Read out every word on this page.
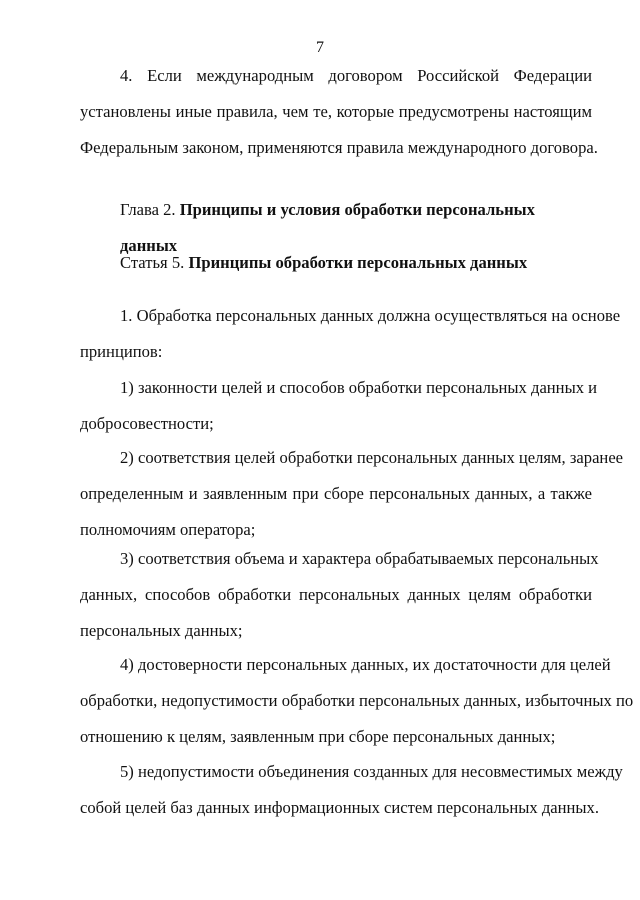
7
4. Если международным договором Российской Федерации
установлены иные правила, чем те, которые предусмотрены настоящим
Федеральным законом, применяются правила международного договора.
Глава 2. Принципы и условия обработки персональных данных
Статья 5. Принципы обработки персональных данных
1. Обработка персональных данных должна осуществляться на основе
принципов:
1) законности целей и способов обработки персональных данных и
добросовестности;
2) соответствия целей обработки персональных данных целям, заранее
определенным и заявленным при сборе персональных данных, а также
полномочиям оператора;
3) соответствия объема и характера обрабатываемых персональных
данных, способов обработки персональных данных целям обработки
персональных данных;
4) достоверности персональных данных, их достаточности для целей
обработки, недопустимости обработки персональных данных, избыточных по
отношению к целям, заявленным при сборе персональных данных;
5) недопустимости объединения созданных для несовместимых между
собой целей баз данных информационных систем персональных данных.
